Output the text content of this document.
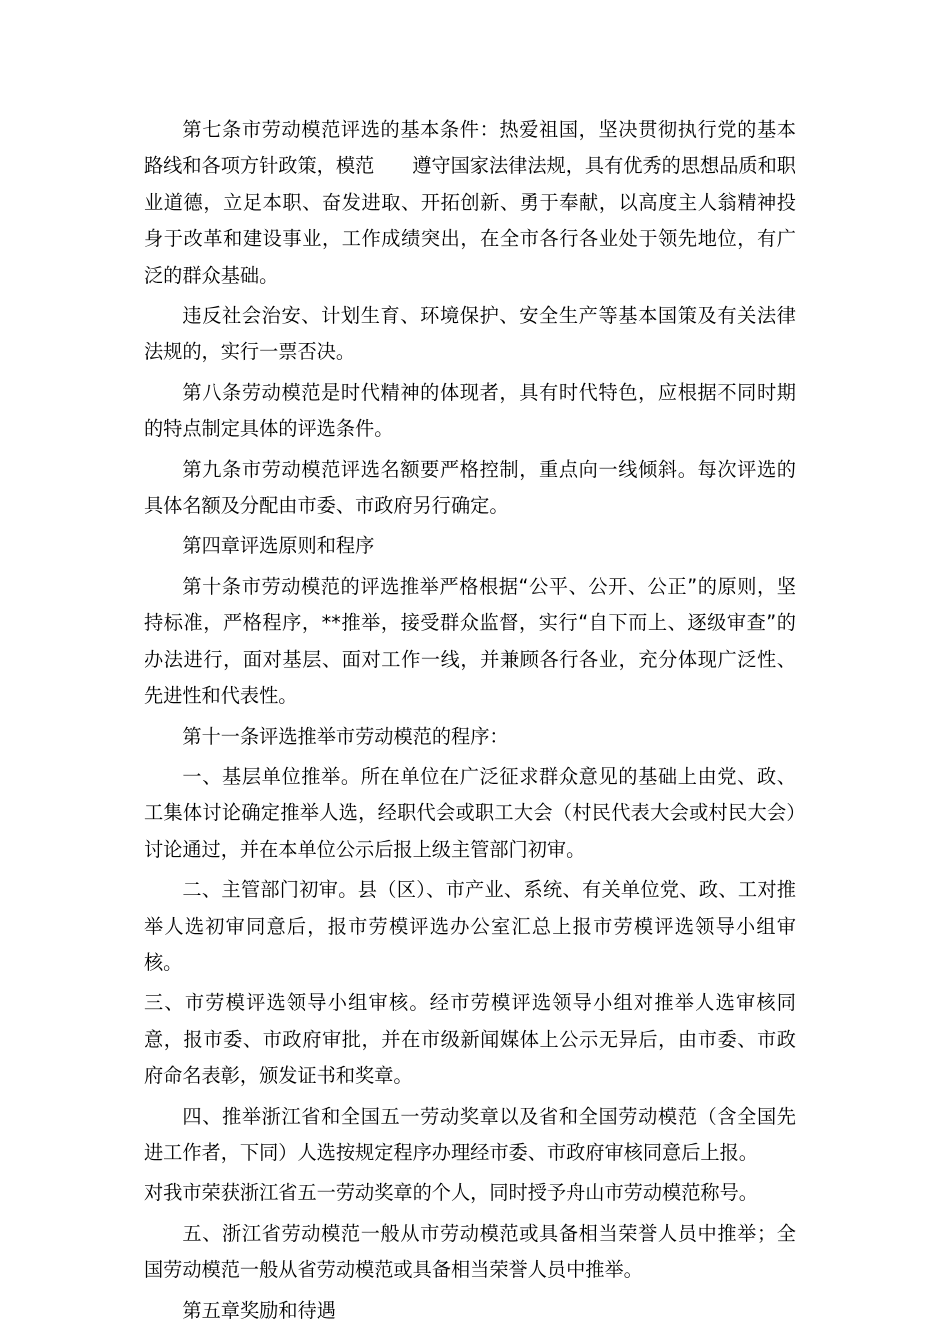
第七条市劳动模范评选的基本条件：热爱祖国，坚决贯彻执行党的基本路线和各项方针政策，模范 遵守国家法律法规，具有优秀的思想品质和职业道德，立足本职、奋发进取、开拓创新、勇于奉献，以高度主人翁精神投身于改革和建设事业，工作成绩突出，在全市各行各业处于领先地位，有广泛的群众基础。

违反社会治安、计划生育、环境保护、安全生产等基本国策及有关法律法规的，实行一票否决。

第八条劳动模范是时代精神的体现者，具有时代特色，应根据不同时期的特点制定具体的评选条件。

第九条市劳动模范评选名额要严格控制，重点向一线倾斜。每次评选的具体名额及分配由市委、市政府另行确定。

第四章评选原则和程序

第十条市劳动模范的评选推举严格根据“公平、公开、公正”的原则，坚持标准，严格程序，**推举，接受群众监督，实行“自下而上、逐级审查”的办法进行，面对基层、面对工作一线，并兼顾各行各业，充分体现广泛性、先进性和代表性。

第十一条评选推举市劳动模范的程序：

一、基层单位推举。所在单位在广泛征求群众意见的基础上由党、政、工集体讨论确定推举人选，经职代会或职工大会（村民代表大会或村民大会）讨论通过，并在本单位公示后报上级主管部门初审。

二、主管部门初审。县（区）、市产业、系统、有关单位党、政、工对推举人选初审同意后，报市劳模评选办公室汇总上报市劳模评选领导小组审核。

三、市劳模评选领导小组审核。经市劳模评选领导小组对推举人选审核同意，报市委、市政府审批，并在市级新闻媒体上公示无异后，由市委、市政府命名表彰，颁发证书和奖章。

四、推举浙江省和全国五一劳动奖章以及省和全国劳动模范（含全国先进工作者，下同）人选按规定程序办理经市委、市政府审核同意后上报。

对我市荣获浙江省五一劳动奖章的个人，同时授予舟山市劳动模范称号。

五、浙江省劳动模范一般从市劳动模范或具备相当荣誉人员中推举；全国劳动模范一般从省劳动模范或具备相当荣誉人员中推举。

第五章奖励和待遇
